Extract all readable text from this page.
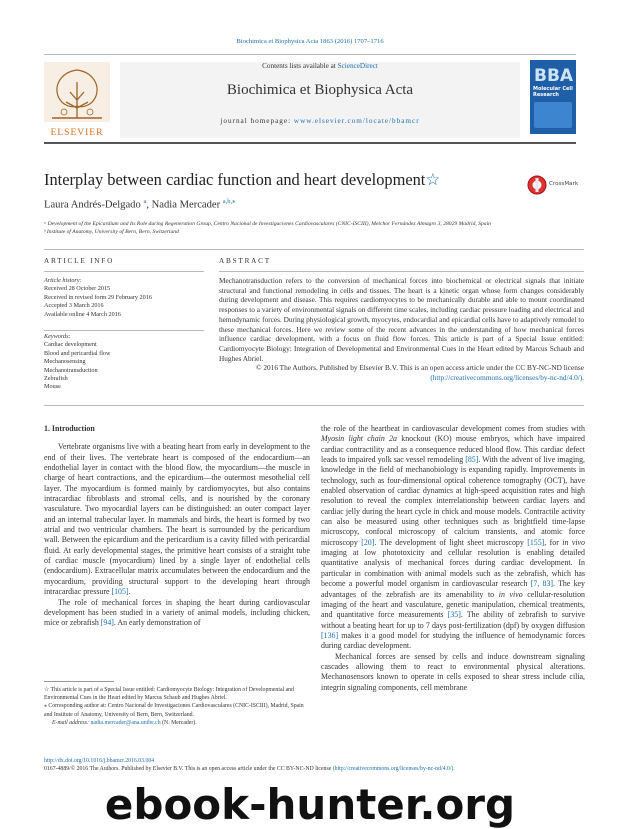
Biochimica et Biophysica Acta 1863 (2016) 1707–1716
ELSEVIER
Contents lists available at ScienceDirect
Biochimica et Biophysica Acta
journal homepage: www.elsevier.com/locate/bbamcr
BBA
Molecular Cell Research
Interplay between cardiac function and heart development☆	CrossMark
Laura Andrés-Delgado $^a$, Nadia Mercader $^{a,b,⁎}$
ᵃ Development of the Epicardium and Its Role during Regeneration Group, Centro Nacional de Investigaciones Cardiovasculares (CNIC-ISCIII), Melchor Fernández Almagro 3, 28029 Madrid, Spain
ᵇ Institute of Anatomy, University of Bern, Bern, Switzerland
ARTICLE INFO
Article history:
Received 28 October 2015
Received in revised form 29 February 2016
Accepted 3 March 2016
Available online 4 March 2016
Keywords:
Cardiac development
Blood and pericardial flow
Mechanosensing
Mechanotransduction
Zebrafish
Mouse
ABSTRACT
Mechanotransduction refers to the conversion of mechanical forces into biochemical or electrical signals that initiate structural and functional remodeling in cells and tissues. The heart is a kinetic organ whose form changes considerably during development and disease. This requires cardiomyocytes to be mechanically durable and able to mount coordinated responses to a variety of environmental signals on different time scales, including cardiac pressure loading and electrical and hemodynamic forces. During physiological growth, myocytes, endocardial and epicardial cells have to adaptively remodel to these mechanical forces. Here we review some of the recent advances in the understanding of how mechanical forces influence cardiac development, with a focus on fluid flow forces. This article is part of a Special Issue entitled: Cardiomyocyte Biology: Integration of Developmental and Environmental Cues in the Heart edited by Marcus Schaub and Hughes Abriel.
© 2016 The Authors. Published by Elsevier B.V. This is an open access article under the CC BY-NC-ND license
(http://creativecommons.org/licenses/by-nc-nd/4.0/).
1. Introduction

Vertebrate organisms live with a beating heart from early in development to the end of their lives. The vertebrate heart is composed of the endocardium—an endothelial layer in contact with the blood flow, the myocardium—the muscle in charge of heart contractions, and the epicardium—the outermost mesothelial cell layer. The myocardium is formed mainly by cardiomyocytes, but also contains intracardiac fibroblasts and stromal cells, and is nourished by the coronary vasculature. Two myocardial layers can be distinguished: an outer compact layer and an internal trabecular layer. In mammals and birds, the heart is formed by two atrial and two ventricular chambers. The heart is surrounded by the pericardium wall. Between the epicardium and the pericardium is a cavity filled with pericardial fluid. At early developmental stages, the primitive heart consists of a straight tube of cardiac muscle (myocardium) lined by a single layer of endothelial cells (endocardium). Extracellular matrix accumulates between the endocardium and the myocardium, providing structural support to the developing heart through intracardiac pressure [105].

The role of mechanical forces in shaping the heart during cardiovascular development has been studied in a variety of animal models, including chicken, mice or zebrafish [94]. An early demonstration of

☆ This article is part of a Special Issue entitled: Cardiomyocyte Biology: Integration of Developmental and Environmental Cues in the Heart edited by Marcus Schaub and Hughes Abriel.
⁎ Corresponding author at: Centro Nacional de Investigaciones Cardiovasculares (CNIC-ISCIII), Madrid, Spain and Institute of Anatomy, University of Bern, Bern, Switzerland.
E-mail address: nadia.mercader@ana.unibe.ch (N. Mercader).
the role of the heartbeat in cardiovascular development comes from studies with Myosin light chain 2a knockout (KO) mouse embryos, which have impaired cardiac contractility and as a consequence reduced blood flow. This cardiac defect leads to impaired yolk sac vessel remodeling [85]. With the advent of live imaging, knowledge in the field of mechanobiology is expanding rapidly. Improvements in technology, such as four-dimensional optical coherence tomography (OCT), have enabled observation of cardiac dynamics at high-speed acquisition rates and high resolution to reveal the complex interrelationship between cardiac layers and cardiac jelly during the heart cycle in chick and mouse models. Contractile activity can also be measured using other techniques such as brightfield time-lapse microscopy, confocal microscopy of calcium transients, and atomic force microscopy [20]. The development of light sheet microscopy [155], for in vivo imaging at low phototoxicity and cellular resolution is enabling detailed quantitative analysis of mechanical forces during cardiac development. In particular in combination with animal models such as the zebrafish, which has become a powerful model organism in cardiovascular research [7, 83]. The key advantages of the zebrafish are its amenability to in vivo cellular-resolution imaging of the heart and vasculature, genetic manipulation, chemical treatments, and quantitative force measurements [35]. The ability of zebrafish to survive without a beating heart for up to 7 days post-fertilization (dpf) by oxygen diffusion [136] makes it a good model for studying the influence of hemodynamic forces during cardiac development.

Mechanical forces are sensed by cells and induce downstream signaling cascades allowing them to react to environmental physical alterations. Mechanosensors known to operate in cells exposed to shear stress include cilia, integrin signaling components, cell membrane

http://dx.doi.org/10.1016/j.bbamcr.2016.03.004
0167-4889/© 2016 The Authors. Published by Elsevier B.V. This is an open access article under the CC BY-NC-ND license (http://creativecommons.org/licenses/by-nc-nd/4.0/).
ebook-hunter.org
